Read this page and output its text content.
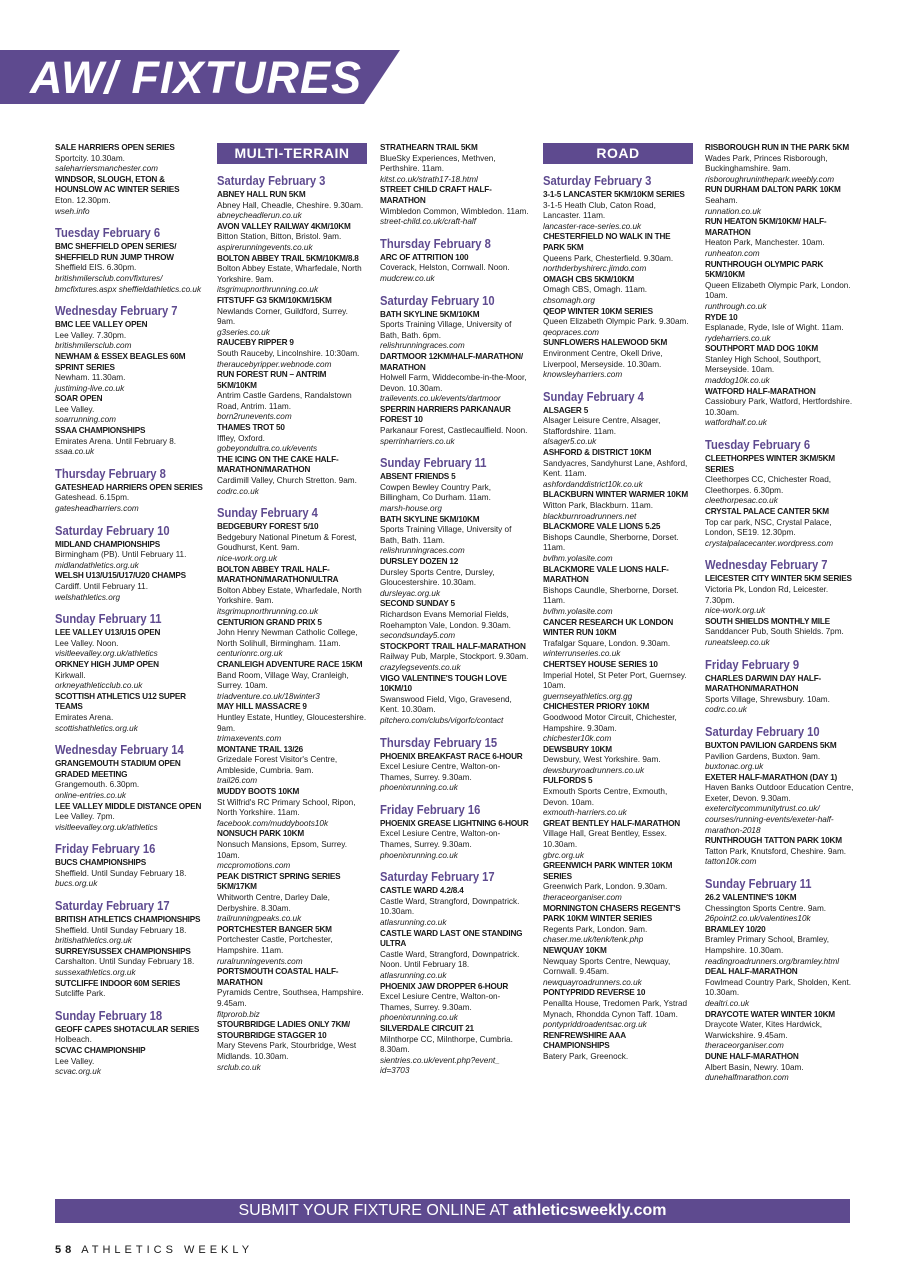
AW/ FIXTURES
SALE HARRIERS OPEN SERIES
Sportcity. 10.30am.
saleharriersmanchester.com
WINDSOR, SLOUGH, ETON & HOUNSLOW AC WINTER SERIES
Eton. 12.30pm.
wseh.info
Tuesday February 6
BMC SHEFFIELD OPEN SERIES/ SHEFFIELD RUN JUMP THROW
Sheffield EIS. 6.30pm.
britishmilersclub.com/fixtures/ bmcfixtures.aspx sheffieldathletics.co.uk
Wednesday February 7
BMC LEE VALLEY OPEN
Lee Valley. 7.30pm.
britishmilersclub.com
NEWHAM & ESSEX BEAGLES 60M SPRINT SERIES
Newham. 11.30am.
justiming-live.co.uk
SOAR OPEN
Lee Valley.
soarrunning.com
SSAA CHAMPIONSHIPS
Emirates Arena. Until February 8.
ssaa.co.uk
Thursday February 8
GATESHEAD HARRIERS OPEN SERIES
Gateshead. 6.15pm.
gatesheadharriers.com
Saturday February 10
MIDLAND CHAMPIONSHIPS
Birmingham (PB). Until February 11.
midlandathletics.org.uk
WELSH U13/U15/U17/U20 CHAMPS
Cardiff. Until February 11.
welshathletics.org
Sunday February 11
LEE VALLEY U13/U15 OPEN
Lee Valley. Noon.
visitleevalley.org.uk/athletics
ORKNEY HIGH JUMP OPEN
Kirkwall.
orkneyathleticclub.co.uk
SCOTTISH ATHLETICS U12 SUPER TEAMS
Emirates Arena.
scottishathletics.org.uk
Wednesday February 14
GRANGEMOUTH STADIUM OPEN GRADED MEETING
Grangemouth. 6.30pm.
online-entries.co.uk
LEE VALLEY MIDDLE DISTANCE OPEN
Lee Valley. 7pm.
visitleevalley.org.uk/athletics
Friday February 16
BUCS CHAMPIONSHIPS
Sheffield. Until Sunday February 18.
bucs.org.uk
Saturday February 17
BRITISH ATHLETICS CHAMPIONSHIPS
Sheffield. Until Sunday February 18.
britishathletics.org.uk
SURREY/SUSSEX CHAMPIONSHIPS
Carshalton. Until Sunday February 18.
sussexathletics.org.uk
SUTCLIFFE INDOOR 60M SERIES
Sutcliffe Park.
Sunday February 18
GEOFF CAPES SHOTACULAR SERIES
Holbeach.
SCVAC CHAMPIONSHIP
Lee Valley.
scvac.org.uk
MULTI-TERRAIN
Saturday February 3
ABNEY HALL RUN 5KM
Abney Hall, Cheadle, Cheshire. 9.30am.
abneycheadlerun.co.uk
AVON VALLEY RAILWAY 4KM/10KM
Bitton Station, Bitton, Bristol. 9am.
aspirerunningevents.co.uk
BOLTON ABBEY TRAIL 5KM/10KM/8.8
Bolton Abbey Estate, Wharfedale, North Yorkshire. 9am.
itsgrimupnorthrunning.co.uk
FITSTUFF G3 5KM/10KM/15KM
Newlands Corner, Guildford, Surrey. 9am.
g3series.co.uk
RAUCEBY RIPPER 9
South Rauceby, Lincolnshire. 10:30am.
theraucebyripper.webnode.com
RUN FOREST RUN – ANTRIM 5KM/10KM
Antrim Castle Gardens, Randalstown Road, Antrim. 11am.
born2runevents.com
THAMES TROT 50
Iffley, Oxford.
gobeyondultra.co.uk/events
THE ICING ON THE CAKE HALF-MARATHON/MARATHON
Cardimill Valley, Church Stretton. 9am.
codrc.co.uk
Sunday February 4
BEDGEBURY FOREST 5/10
Bedgebury National Pinetum & Forest, Goudhurst, Kent. 9am.
nice-work.org.uk
BOLTON ABBEY TRAIL HALF-MARATHON/MARATHON/ULTRA
Bolton Abbey Estate, Wharfedale, North Yorkshire. 9am.
itsgrimupnorthrunning.co.uk
CENTURION GRAND PRIX 5
John Henry Newman Catholic College, North Solihull, Birmingham. 11am.
centurionrc.org.uk
CRANLEIGH ADVENTURE RACE 15KM
Band Room, Village Way, Cranleigh, Surrey. 10am.
triadventure.co.uk/18winter3
MAY HILL MASSACRE 9
Huntley Estate, Huntley, Gloucestershire. 9am.
trimaxevents.com
MONTANE TRAIL 13/26
Grizedale Forest Visitor's Centre, Ambleside, Cumbria. 9am.
trail26.com
MUDDY BOOTS 10KM
St Wilfrid's RC Primary School, Ripon, North Yorkshire. 11am.
facebook.com/muddyboots10k
NONSUCH PARK 10KM
Nonsuch Mansions, Epsom, Surrey. 10am.
mccpromotions.com
PEAK DISTRICT SPRING SERIES 5KM/17KM
Whitworth Centre, Darley Dale, Derbyshire. 8.30am.
trailrunningpeaks.co.uk
PORTCHESTER BANGER 5KM
Portchester Castle, Portchester, Hampshire. 11am.
ruralrunningevents.com
PORTSMOUTH COASTAL HALF-MARATHON
Pyramids Centre, Southsea, Hampshire. 9.45am.
fitprorob.biz
STOURBRIDGE LADIES ONLY 7KM/ STOURBRIDGE STAGGER 10
Mary Stevens Park, Stourbridge, West Midlands. 10.30am.
srclub.co.uk
STRATHEARN TRAIL 5KM
BlueSky Experiences, Methven, Perthshire. 11am.
kitst.co.uk/strath17-18.html
STREET CHILD CRAFT HALF-MARATHON
Wimbledon Common, Wimbledon. 11am.
street-child.co.uk/craft-half
Thursday February 8
ARC OF ATTRITION 100
Coverack, Helston, Cornwall. Noon.
mudcrew.co.uk
Saturday February 10
BATH SKYLINE 5KM/10KM
Sports Training Village, University of Bath, Bath. 6pm.
relishrunningraces.com
DARTMOOR 12KM/HALF-MARATHON/ MARATHON
Holwell Farm, Widdecombe-in-the-Moor, Devon. 10.30am.
trailevents.co.uk/events/dartmoor
SPERRIN HARRIERS PARKANAUR FOREST 10
Parkanaur Forest, Castlecaulfield. Noon.
sperrinharriers.co.uk
Sunday February 11
ABSENT FRIENDS 5
Cowpen Bewley Country Park, Billingham, Co Durham. 11am.
marsh-house.org
BATH SKYLINE 5KM/10KM
Sports Training Village, University of Bath, Bath. 11am.
relishrunningraces.com
DURSLEY DOZEN 12
Dursley Sports Centre, Dursley, Gloucestershire. 10.30am.
dursleyac.org.uk
SECOND SUNDAY 5
Richardson Evans Memorial Fields, Roehampton Vale, London. 9.30am.
secondsunday5.com
STOCKPORT TRAIL HALF-MARATHON
Railway Pub, Marple, Stockport. 9.30am.
crazylegsevents.co.uk
VIGO VALENTINE'S TOUGH LOVE 10KM/10
Swanswood Field, Vigo, Gravesend, Kent. 10.30am.
pitchero.com/clubs/vigorfc/contact
Thursday February 15
PHOENIX BREAKFAST RACE 6-HOUR
Excel Lesiure Centre, Walton-on-Thames, Surrey. 9.30am.
phoenixrunning.co.uk
Friday February 16
PHOENIX GREASE LIGHTNING 6-HOUR
Excel Lesiure Centre, Walton-on-Thames, Surrey. 9.30am.
phoenixrunning.co.uk
Saturday February 17
CASTLE WARD 4.2/8.4
Castle Ward, Strangford, Downpatrick. 10.30am.
atlasrunning.co.uk
CASTLE WARD LAST ONE STANDING ULTRA
Castle Ward, Strangford, Downpatrick. Noon. Until February 18.
atlasrunning.co.uk
PHOENIX JAW DROPPER 6-HOUR
Excel Lesiure Centre, Walton-on-Thames, Surrey. 9.30am.
phoenixrunning.co.uk
SILVERDALE CIRCUIT 21
Milnthorpe CC, Milnthorpe, Cumbria. 8.30am.
sientries.co.uk/event.php?event_ id=3703
ROAD
Saturday February 3
3-1-5 LANCASTER 5KM/10KM SERIES
3-1-5 Heath Club, Caton Road, Lancaster. 11am.
lancaster-race-series.co.uk
CHESTERFIELD NO WALK IN THE PARK 5KM
Queens Park, Chesterfield. 9.30am.
northderbyshirerc.jimdo.com
OMAGH CBS 5KM/10KM
Omagh CBS, Omagh. 11am.
cbsomagh.org
QEOP WINTER 10KM SERIES
Queen Elizabeth Olympic Park. 9.30am.
qeopraces.com
SUNFLOWERS HALEWOOD 5KM
Environment Centre, Okell Drive, Liverpool, Merseyside. 10.30am.
knowsleyharriers.com
Sunday February 4
ALSAGER 5
Alsager Leisure Centre, Alsager, Staffordshire. 11am.
alsager5.co.uk
ASHFORD & DISTRICT 10KM
Sandyacres, Sandyhurst Lane, Ashford, Kent. 11am.
ashfordanddistrict10k.co.uk
BLACKBURN WINTER WARMER 10KM
Witton Park, Blackburn. 11am.
blackburnroadrunners.net
BLACKMORE VALE LIONS 5.25
Bishops Caundle, Sherborne, Dorset. 11am.
bvlhm.yolasite.com
BLACKMORE VALE LIONS HALF-MARATHON
Bishops Caundle, Sherborne, Dorset. 11am.
bvlhm.yolasite.com
CANCER RESEARCH UK LONDON WINTER RUN 10KM
Trafalgar Square, London. 9.30am.
winterrunseries.co.uk
CHERTSEY HOUSE SERIES 10
Imperial Hotel, St Peter Port, Guernsey. 10am.
guernseyathletics.org.gg
CHICHESTER PRIORY 10KM
Goodwood Motor Circuit, Chichester, Hampshire. 9.30am.
chichester10k.com
DEWSBURY 10KM
Dewsbury, West Yorkshire. 9am.
dewsburyroadrunners.co.uk
FULFORDS 5
Exmouth Sports Centre, Exmouth, Devon. 10am.
exmouth-harriers.co.uk
GREAT BENTLEY HALF-MARATHON
Village Hall, Great Bentley, Essex. 10.30am.
gbrc.org.uk
GREENWICH PARK WINTER 10KM SERIES
Greenwich Park, London. 9.30am.
theraceorganiser.com
MORNINGTON CHASERS REGENT'S PARK 10KM WINTER SERIES
Regents Park, London. 9am.
chaser.me.uk/tenk/tenk.php
NEWQUAY 10KM
Newquay Sports Centre, Newquay, Cornwall. 9.45am.
newquayroadrunners.co.uk
PONTYPRIDD REVERSE 10
Penallta House, Tredomen Park, Ystrad Mynach, Rhondda Cynon Taff. 10am.
pontypriddroadentsac.org.uk
RENFREWSHIRE AAA CHAMPIONSHIPS
Batery Park, Greenock.
RISBOROUGH RUN IN THE PARK 5KM
Wades Park, Princes Risborough, Buckinghamshire. 9am.
risboroughruninthepark.weebly.com
RUN DURHAM DALTON PARK 10KM
Seaham.
runnation.co.uk
RUN HEATON 5KM/10KM/ HALF-MARATHON
Heaton Park, Manchester. 10am.
runheaton.com
RUNTHROUGH OLYMPIC PARK 5KM/10KM
Queen Elizabeth Olympic Park, London. 10am.
runthrough.co.uk
RYDE 10
Esplanade, Ryde, Isle of Wight. 11am.
rydeharriers.co.uk
SOUTHPORT MAD DOG 10KM
Stanley High School, Southport, Merseyside. 10am.
maddog10k.co.uk
WATFORD HALF-MARATHON
Cassiobury Park, Watford, Hertfordshire. 10.30am.
watfordhalf.co.uk
Tuesday February 6
CLEETHORPES WINTER 3KM/5KM SERIES
Cleethorpes CC, Chichester Road, Cleethorpes. 6.30pm.
cleethorpesac.co.uk
CRYSTAL PALACE CANTER 5KM
Top car park, NSC, Crystal Palace, London, SE19. 12.30pm.
crystalpalacecanter.wordpress.com
Wednesday February 7
LEICESTER CITY WINTER 5KM SERIES
Victoria Pk, London Rd, Leicester. 7.30pm.
nice-work.org.uk
SOUTH SHIELDS MONTHLY MILE
Sanddancer Pub, South Shields. 7pm.
runeatsleep.co.uk
Friday February 9
CHARLES DARWIN DAY HALF-MARATHON/MARATHON
Sports Village, Shrewsbury. 10am.
codrc.co.uk
Saturday February 10
BUXTON PAVILION GARDENS 5KM
Pavilion Gardens, Buxton. 9am.
buxtonac.org.uk
EXETER HALF-MARATHON (DAY 1)
Haven Banks Outdoor Education Centre, Exeter, Devon. 9.30am.
exetercitycommunitytrust.co.uk/ courses/running-events/exeter-half-marathon-2018
RUNTHROUGH TATTON PARK 10KM
Tatton Park, Knutsford, Cheshire. 9am.
tatton10k.com
Sunday February 11
26.2 VALENTINE'S 10KM
Chessington Sports Centre. 9am.
26point2.co.uk/valentines10k
BRAMLEY 10/20
Bramley Primary School, Bramley, Hampshire. 10.30am.
readingroadrunners.org/bramley.html
DEAL HALF-MARATHON
Fowlmead Country Park, Sholden, Kent. 10.30am.
dealtri.co.uk
DRAYCOTE WATER WINTER 10KM
Draycote Water, Kites Hardwick, Warwickshire. 9.45am.
theraceorganiser.com
DUNE HALF-MARATHON
Albert Basin, Newry. 10am.
dunehalfmarathon.com
SUBMIT YOUR FIXTURE ONLINE AT athleticsweekly.com
58 ATHLETICS WEEKLY
